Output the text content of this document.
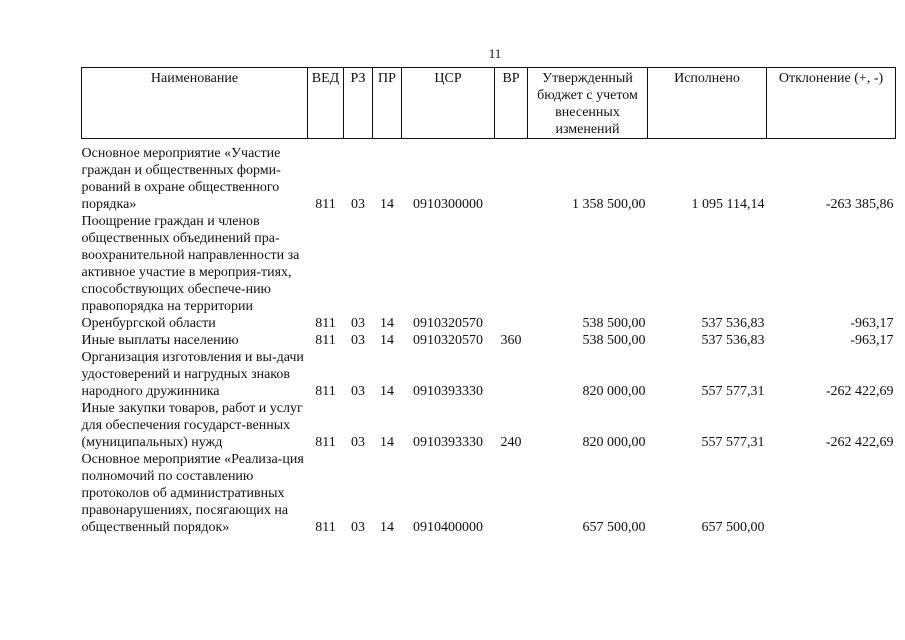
11
Наименование	ВЕД	РЗ	ПР	ЦСР	ВР	Утвержденный бюджет с учетом внесенных изменений	Исполнено	Отклонение (+, -)

Основное мероприятие «Участие граждан и общественных форми-рований в охране общественного порядка»	811	03	14	0910300000		1 358 500,00	1 095 114,14	-263 385,86
Поощрение граждан и членов общественных объединений пра-воохранительной направленности за активное участие в мероприя-тиях, способствующих обеспече-нию правопорядка на территории Оренбургской области	811	03	14	0910320570		538 500,00	537 536,83	-963,17
Иные выплаты населению	811	03	14	0910320570	360	538 500,00	537 536,83	-963,17
Организация изготовления и вы-дачи удостоверений и нагрудных знаков народного дружинника	811	03	14	0910393330		820 000,00	557 577,31	-262 422,69
Иные закупки товаров, работ и услуг для обеспечения государст-венных (муниципальных) нужд	811	03	14	0910393330	240	820 000,00	557 577,31	-262 422,69
Основное мероприятие «Реализа-ция полномочий по составлению протоколов об административных правонарушениях, посягающих на общественный порядок»	811	03	14	0910400000		657 500,00	657 500,00	
